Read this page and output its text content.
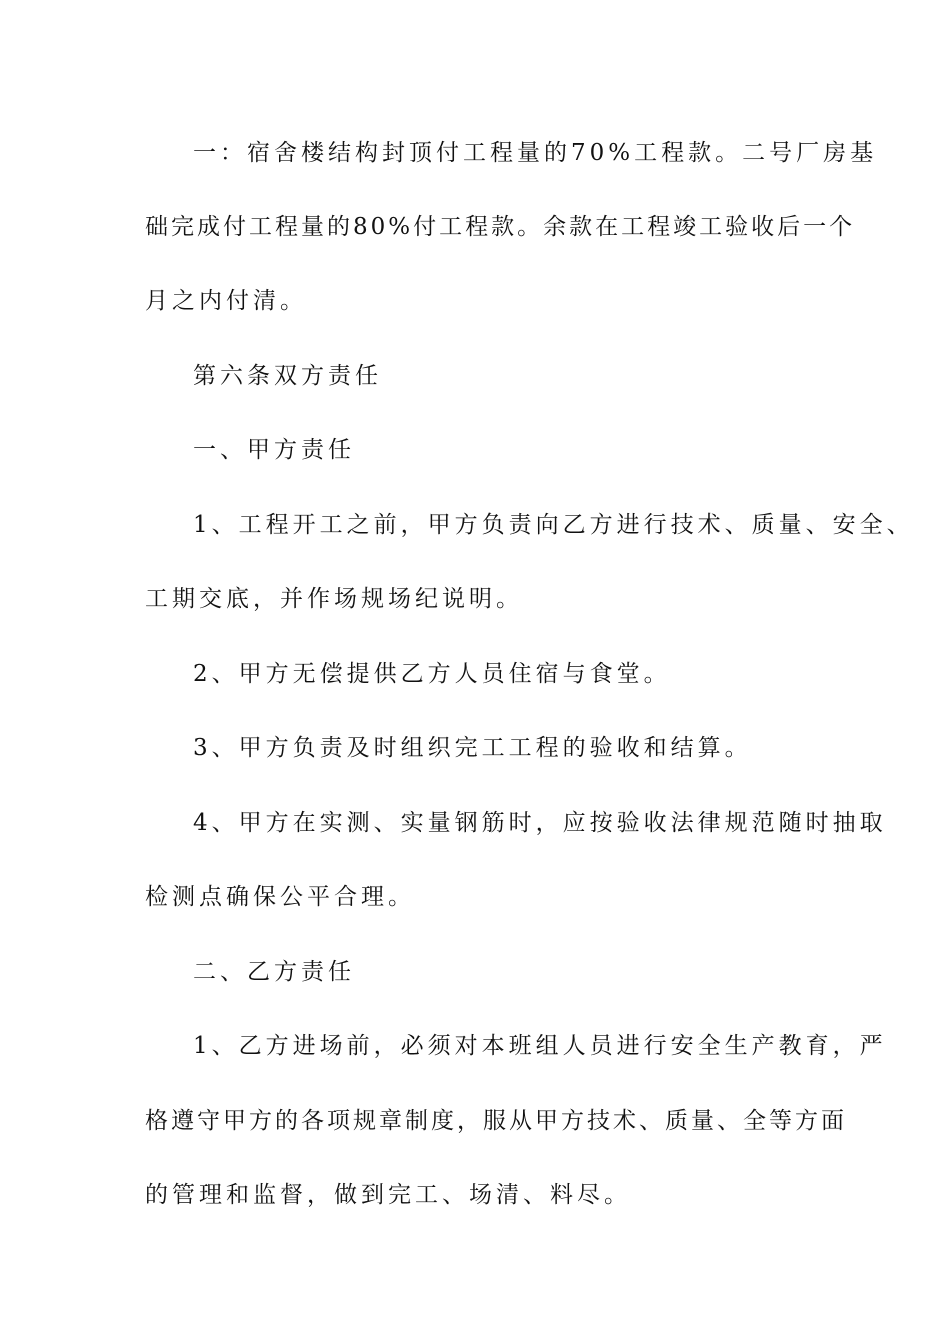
一：宿舍楼结构封顶付工程量的70%工程款。二号厂房基
础完成付工程量的80%付工程款。余款在工程竣工验收后一个
月之内付清。
第六条双方责任
一、甲方责任
1、工程开工之前，甲方负责向乙方进行技术、质量、安全、
工期交底，并作场规场纪说明。
2、甲方无偿提供乙方人员住宿与食堂。
3、甲方负责及时组织完工工程的验收和结算。
4、甲方在实测、实量钢筋时，应按验收法律规范随时抽取
检测点确保公平合理。
二、乙方责任
1、乙方进场前，必须对本班组人员进行安全生产教育，严
格遵守甲方的各项规章制度，服从甲方技术、质量、全等方面
的管理和监督，做到完工、场清、料尽。
